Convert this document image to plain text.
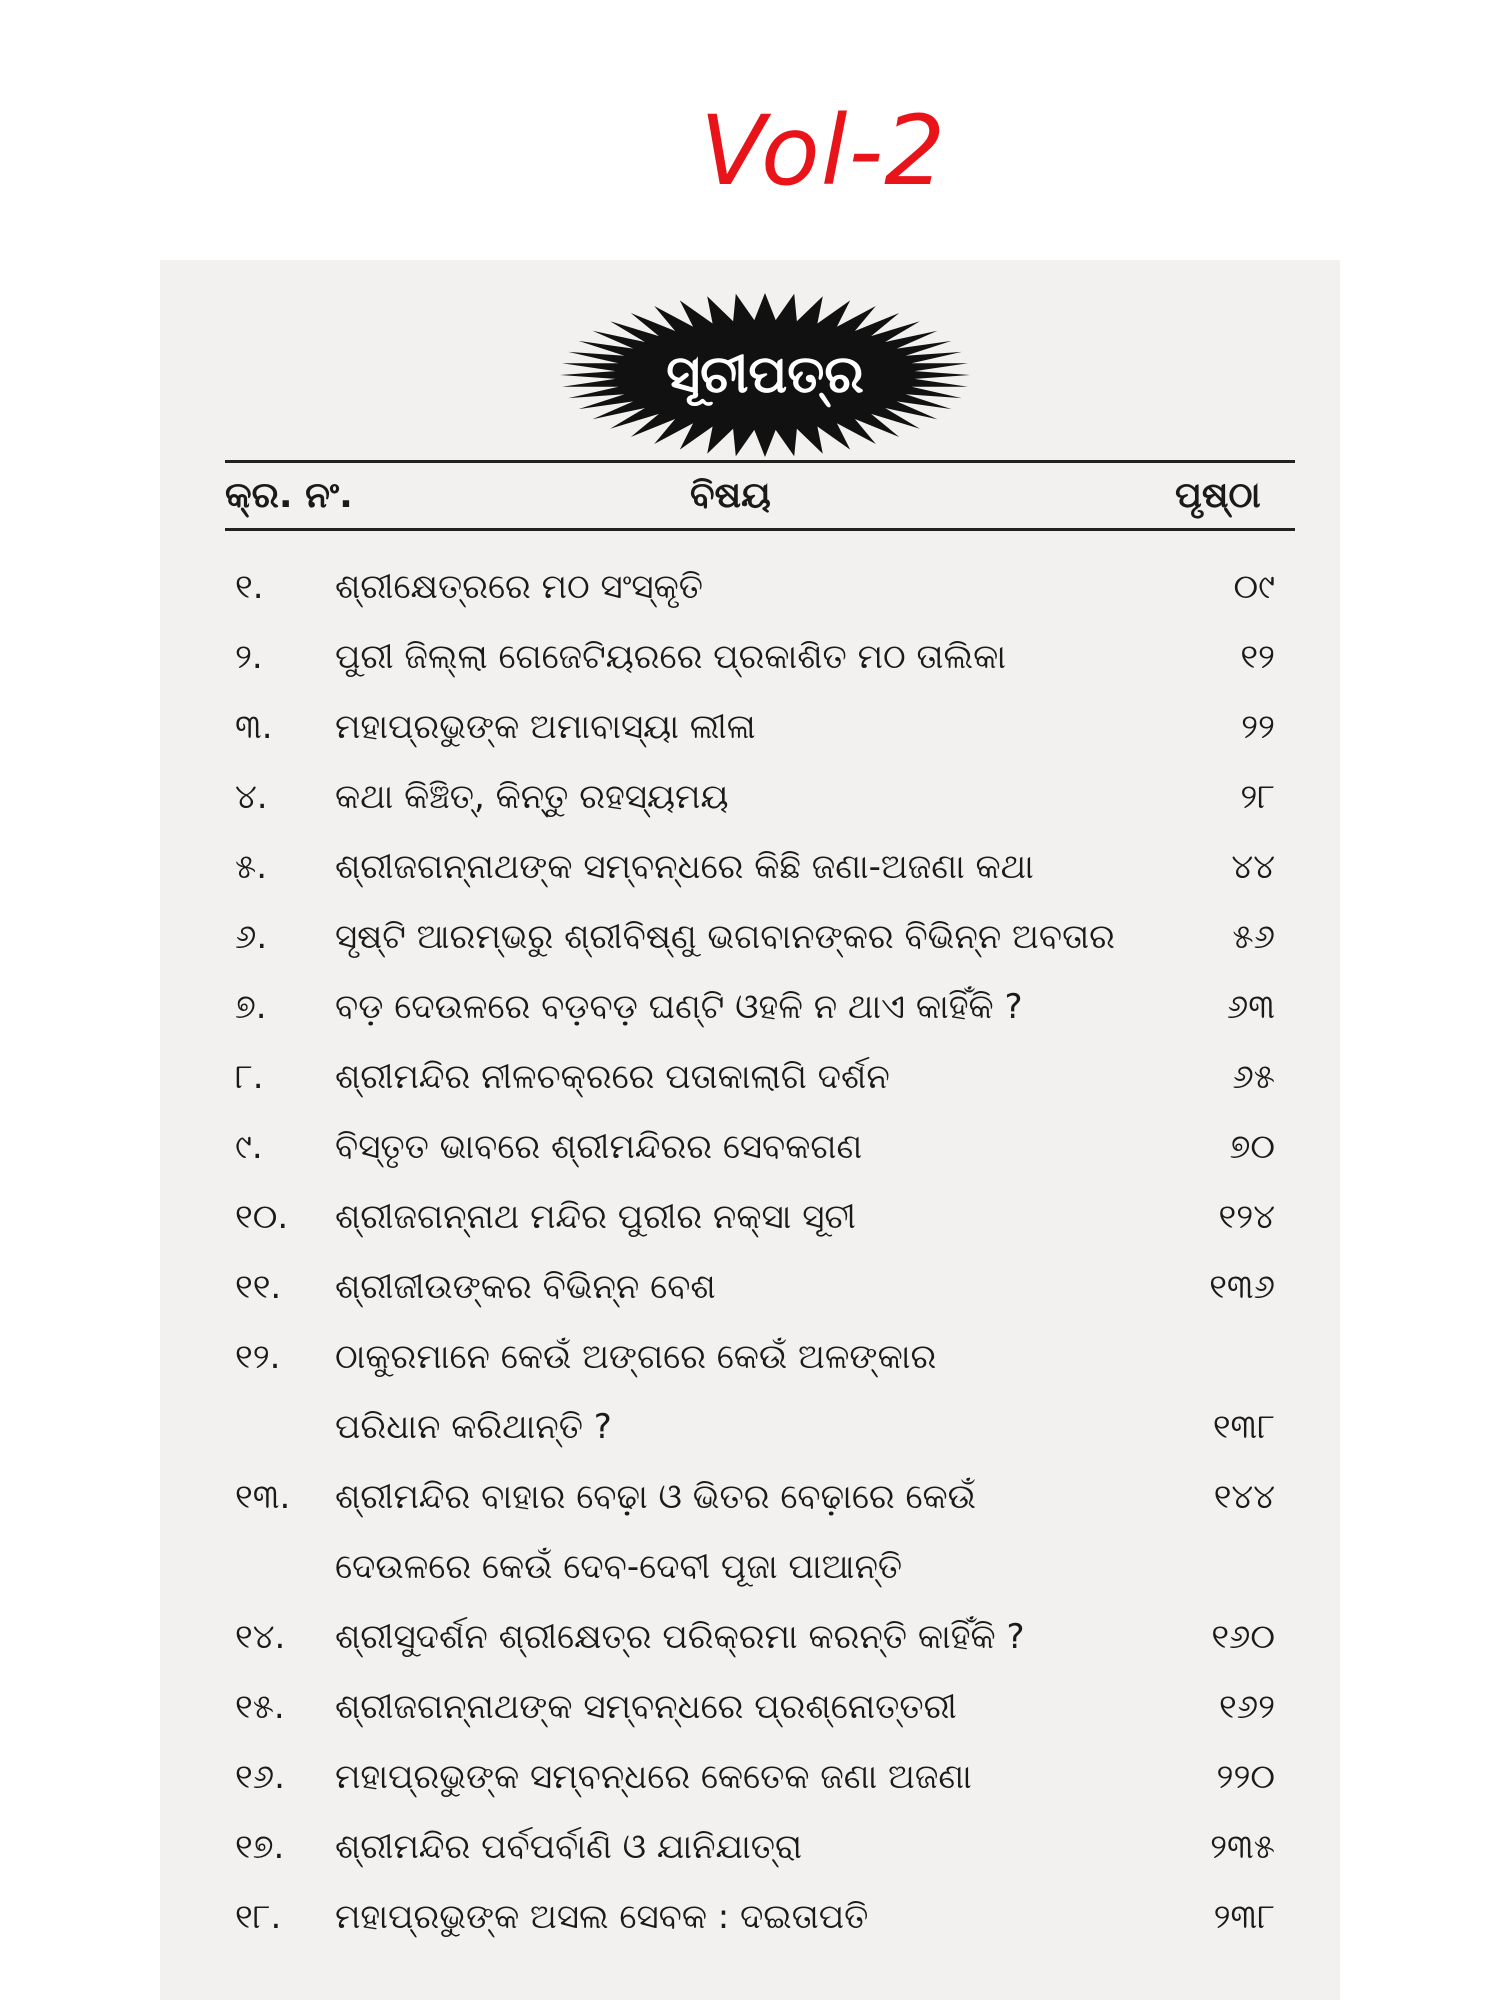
Vol-2
ସୂଚୀପତ୍ର
କ୍ର. ନଂ.	ବିଷୟ	ପୃଷ୍ଠା
୧.	ଶ୍ରୀକ୍ଷେତ୍ରରେ ମଠ ସଂସ୍କୃତି	୦୯
୨.	ପୁରୀ ଜିଲ୍ଲା ଗେଜେଟିୟରରେ ପ୍ରକାଶିତ ମଠ ତାଲିକା	୧୨
୩.	ମହାପ୍ରଭୁଙ୍କ ଅମାବାସ୍ୟା ଲୀଳା	୨୨
୪.	କଥା କିଞ୍ଚିତ୍, କିନ୍ତୁ ରହସ୍ୟମୟ	୨୮
୫.	ଶ୍ରୀଜଗନ୍ନାଥଙ୍କ ସମ୍ବନ୍ଧରେ କିଛି ଜଣା-ଅଜଣା କଥା	୪୪
୬.	ସୃଷ୍ଟି ଆରମ୍ଭରୁ ଶ୍ରୀବିଷ୍ଣୁ ଭଗବାନଙ୍କର ବିଭିନ୍ନ ଅବତାର	୫୬
୭.	ବଡ଼ ଦେଉଳରେ ବଡ଼ବଡ଼ ଘଣ୍ଟି ଓହଳି ନ ଥାଏ କାହିଁକି ?	୬୩
୮.	ଶ୍ରୀମନ୍ଦିର ନୀଳଚକ୍ରରେ ପତାକାଲାଗି ଦର୍ଶନ	୬୫
୯.	ବିସ୍ତୃତ ଭାବରେ ଶ୍ରୀମନ୍ଦିରର ସେବକଗଣ	୭୦
୧୦.	ଶ୍ରୀଜଗନ୍ନାଥ ମନ୍ଦିର ପୁରୀର ନକ୍ସା ସୂଚୀ	୧୨୪
୧୧.	ଶ୍ରୀଜୀଉଙ୍କର ବିଭିନ୍ନ ବେଶ	୧୩୬
୧୨.	ଠାକୁରମାନେ କେଉଁ ଅଙ୍ଗରେ କେଉଁ ଅଳଙ୍କାର
ପରିଧାନ କରିଥାନ୍ତି ?	୧୩୮
୧୩.	ଶ୍ରୀମନ୍ଦିର ବାହାର ବେଢ଼ା ଓ ଭିତର ବେଢ଼ାରେ କେଉଁ	୧୪୪
ଦେଉଳରେ କେଉଁ ଦେବ-ଦେବୀ ପୂଜା ପାଆନ୍ତି
୧୪.	ଶ୍ରୀସୁଦର୍ଶନ ଶ୍ରୀକ୍ଷେତ୍ର ପରିକ୍ରମା କରନ୍ତି କାହିଁକି ?	୧୬୦
୧୫.	ଶ୍ରୀଜଗନ୍ନାଥଙ୍କ ସମ୍ବନ୍ଧରେ ପ୍ରଶ୍ନୋତ୍ତରୀ	୧୬୨
୧୬.	ମହାପ୍ରଭୁଙ୍କ ସମ୍ବନ୍ଧରେ କେତେକ ଜଣା ଅଜଣା	୨୨୦
୧୭.	ଶ୍ରୀମନ୍ଦିର ପର୍ବପର୍ବାଣି ଓ ଯାନିଯାତ୍ରା	୨୩୫
୧୮.	ମହାପ୍ରଭୁଙ୍କ ଅସଲ ସେବକ : ଦଇତାପତି	୨୩୮
